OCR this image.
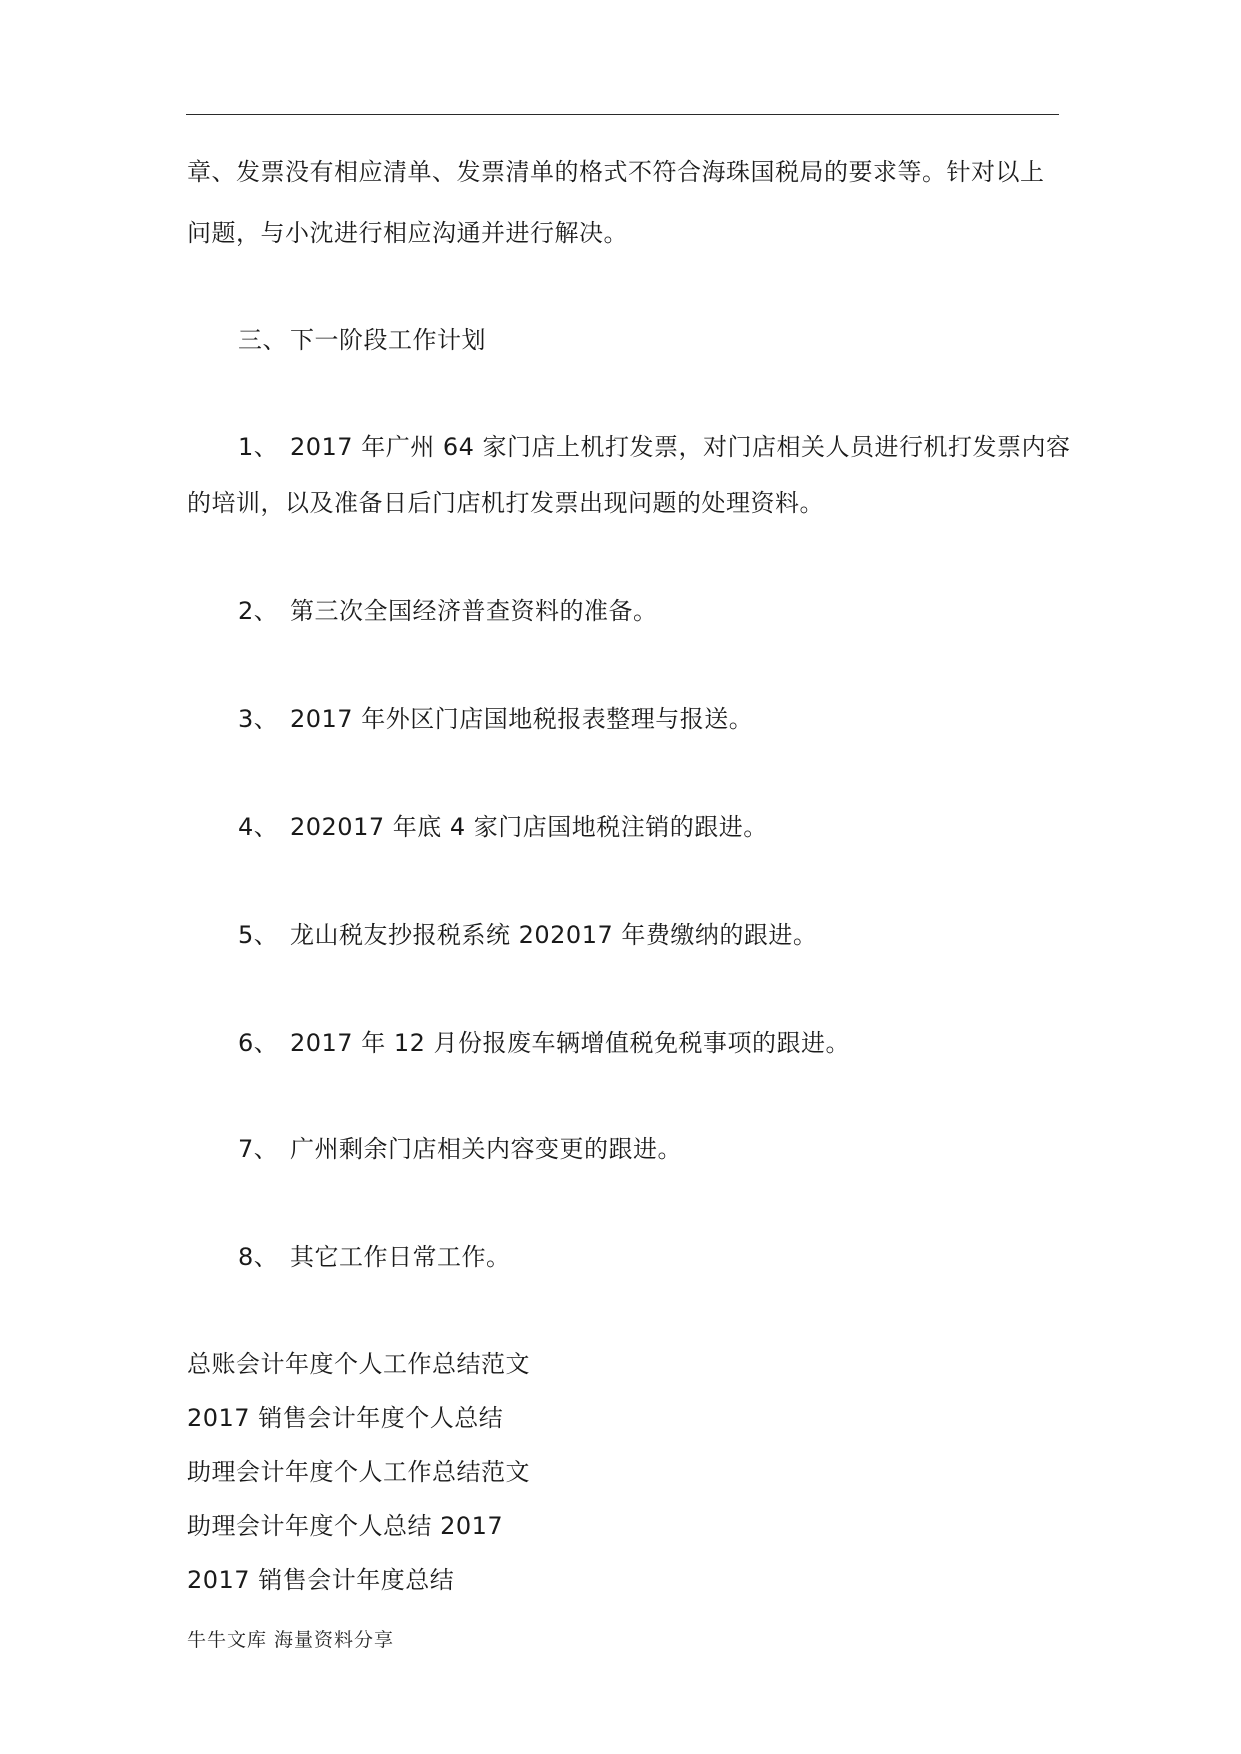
章、发票没有相应清单、发票清单的格式不符合海珠国税局的要求等。针对以上
问题，与小沈进行相应沟通并进行解决。
三、 下一阶段工作计划
1、 2017 年广州 64 家门店上机打发票，对门店相关人员进行机打发票内容
的培训，以及准备日后门店机打发票出现问题的处理资料。
2、 第三次全国经济普查资料的准备。
3、 2017 年外区门店国地税报表整理与报送。
4、 202017 年底 4 家门店国地税注销的跟进。
5、 龙山税友抄报税系统 202017 年费缴纳的跟进。
6、 2017 年 12 月份报废车辆增值税免税事项的跟进。
7、 广州剩余门店相关内容变更的跟进。
8、 其它工作日常工作。
总账会计年度个人工作总结范文
2017 销售会计年度个人总结
助理会计年度个人工作总结范文
助理会计年度个人总结 2017
2017 销售会计年度总结
牛牛文库 海量资料分享
